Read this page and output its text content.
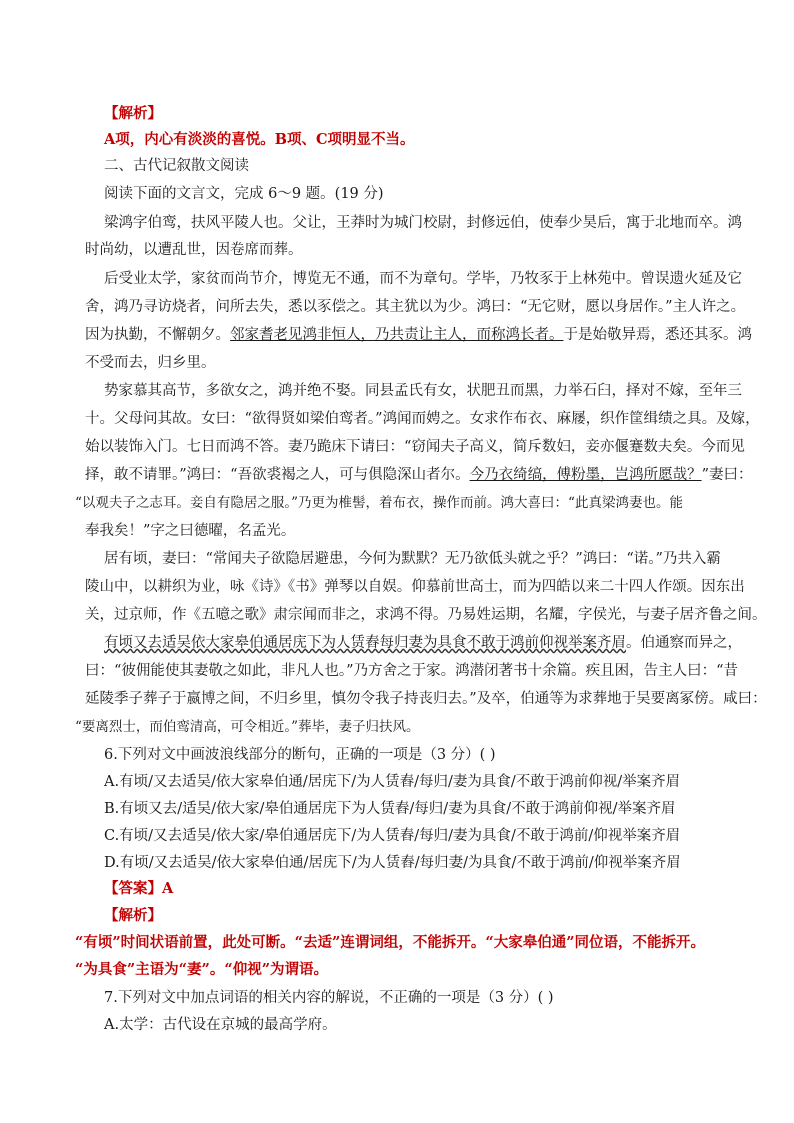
【解析】
A项，内心有淡淡的喜悦。B项、C项明显不当。
二、古代记叙散文阅读
阅读下面的文言文，完成 6～9 题。(19 分)
梁鸿字伯鸾，扶风平陵人也。父让，王莽时为城门校尉，封修远伯，使奉少昊后，寓于北地而卒。鸿
时尚幼，以遭乱世，因卷席而葬。
后受业太学，家贫而尚节介，博览无不通，而不为章句。学毕，乃牧豕于上林苑中。曾误遗火延及它
舍，鸿乃寻访烧者，问所去失，悉以豕偿之。其主犹以为少。鸿曰：“无它财，愿以身居作。”主人许之。
因为执勤，不懈朝夕。邻家耆老见鸿非恒人，乃共责让主人，而称鸿长者。于是始敬异焉，悉还其豕。鸿
不受而去，归乡里。
势家慕其高节，多欲女之，鸿并绝不娶。同县孟氏有女，状肥丑而黑，力举石臼，择对不嫁，至年三
十。父母问其故。女曰：“欲得贤如梁伯鸾者。”鸿闻而娉之。女求作布衣、麻屦，织作筐缉绩之具。及嫁，
始以装饰入门。七日而鸿不答。妻乃跪床下请曰：“窃闻夫子高义，简斥数妇，妾亦偃蹇数夫矣。今而见
择，敢不请罪。”鸿曰：“吾欲裘褐之人，可与俱隐深山者尔。今乃衣绮缟，傅粉墨，岂鸿所愿哉？”妻曰：
“以观夫子之志耳。妾自有隐居之服。”乃更为椎髻，着布衣，操作而前。鸿大喜曰：“此真梁鸿妻也。能
奉我矣！”字之曰德曜，名孟光。
居有顷，妻曰：“常闻夫子欲隐居避患，今何为默默？无乃欲低头就之乎？”鸿曰：“诺。”乃共入霸
陵山中，以耕织为业，咏《诗》《书》弹琴以自娱。仰慕前世高士，而为四皓以来二十四人作颂。因东出
关，过京师，作《五噫之歌》肃宗闻而非之，求鸿不得。乃易姓运期，名耀，字侯光，与妻子居齐鲁之间。
有顷又去适吴依大家皋伯通居庑下为人赁舂每归妻为具食不敢于鸿前仰视举案齐眉。伯通察而异之，
曰：“彼佣能使其妻敬之如此，非凡人也。”乃方舍之于家。鸿潜闭著书十余篇。疾且困，告主人曰：“昔
延陵季子葬子于嬴博之间，不归乡里，慎勿令我子持丧归去。”及卒，伯通等为求葬地于吴要离冢傍。咸曰：
“要离烈士，而伯鸾清高，可令相近。”葬毕，妻子归扶风。
6.下列对文中画波浪线部分的断句，正确的一项是（3 分）( )
A.有顷/又去适吴/依大家皋伯通/居庑下/为人赁舂/每归/妻为具食/不敢于鸿前仰视/举案齐眉
B.有顷又去/适吴/依大家/皋伯通居庑下为人赁舂/每归/妻为具食/不敢于鸿前仰视/举案齐眉
C.有顷/又去适吴/依大家/皋伯通居庑下/为人赁舂/每归/妻为具食/不敢于鸿前/仰视举案齐眉
D.有顷/又去适吴/依大家皋伯通/居庑下/为人赁舂/每归妻/为具食/不敢于鸿前/仰视举案齐眉
【答案】A
【解析】
“有顷”时间状语前置，此处可断。“去适”连谓词组，不能拆开。“大家皋伯通”同位语，不能拆开。
“为具食”主语为“妻”。“仰视”为谓语。
7.下列对文中加点词语的相关内容的解说，不正确的一项是（3 分）( )
A.太学：古代设在京城的最高学府。
